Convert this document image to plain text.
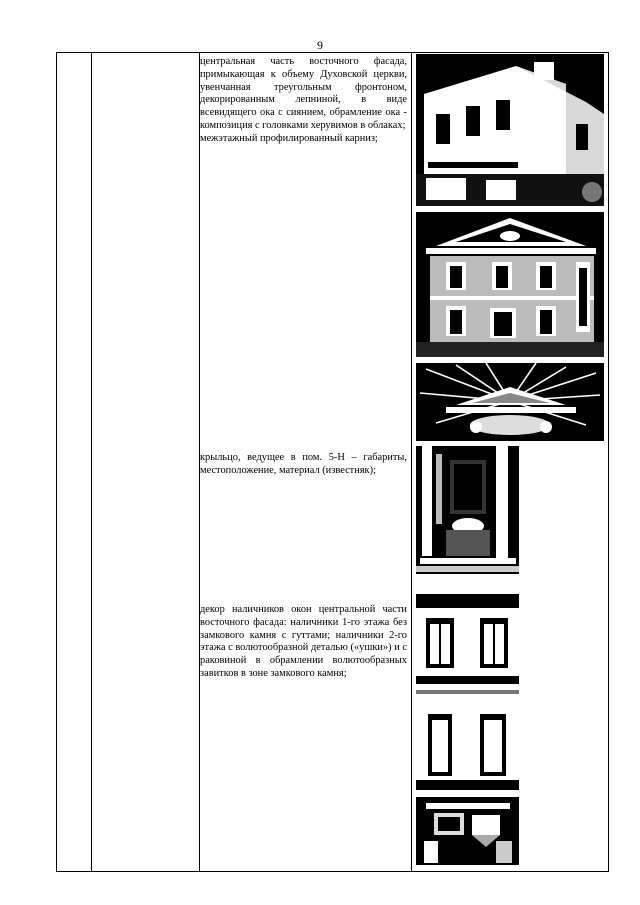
9
центральная часть восточного фасада, примыкающая к объему Духовской церкви, увенчанная треугольным фронтоном, декорированным лепниной, в виде всевидящего ока с сиянием, обрамление ока - композиция с головками херувимов в облаках;
межэтажный профилированный карниз;
крыльцо, ведущее в пом. 5-Н – габариты, местоположение, материал (известняк);
декор наличников окон центральной части восточного фасада: наличники 1-го этажа без замкового камня с гуттами; наличники 2-го этажа с волютообразной деталью («ушки») и с раковиной в обрамлении волютообразных завитков в зоне замкового камня;
